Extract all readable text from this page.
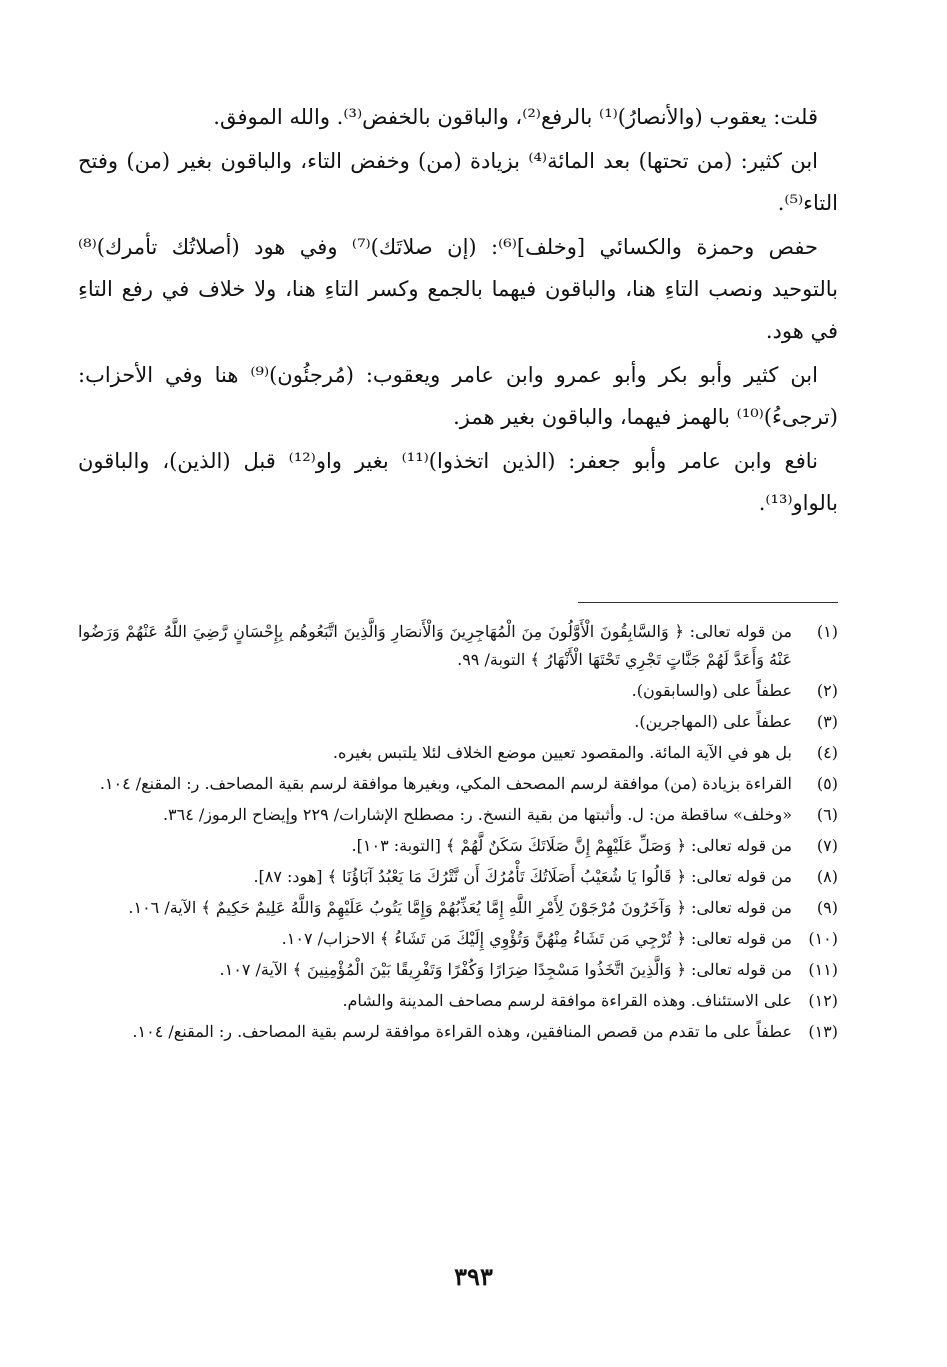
قلت: يعقوب (والأنصارُ)⁽¹⁾ بالرفع⁽²⁾، والباقون بالخفض⁽³⁾. والله الموفق.

ابن كثير: (من تحتها) بعد المائة⁽⁴⁾ بزيادة (من) وخفض التاء، والباقون بغير (من) وفتح التاء⁽⁵⁾.

حفص وحمزة والكسائي [وخلف]⁽⁶⁾: (إن صلاتَك)⁽⁷⁾ وفي هود (أصلاتُك تأمرك)⁽⁸⁾ بالتوحيد ونصب التاءِ هنا، والباقون فيهما بالجمع وكسر التاءِ هنا، ولا خلاف في رفع التاءِ في هود.

ابن كثير وأبو بكر وأبو عمرو وابن عامر ويعقوب: (مُرجئُون)⁽⁹⁾ هنا وفي الأحزاب: (ترجىءُ)⁽¹⁰⁾ بالهمز فيهما، والباقون بغير همز.

نافع وابن عامر وأبو جعفر: (الذين اتخذوا)⁽¹¹⁾ بغير واو⁽¹²⁾ قبل (الذين)، والباقون بالواو⁽¹³⁾.

(١)
من قوله تعالى: ﴿ وَالسَّابِقُونَ الْأَوَّلُونَ مِنَ الْمُهَاجِرِينَ وَالْأَنصَارِ وَالَّذِينَ اتَّبَعُوهُم بِإِحْسَانٍ رَّضِيَ اللَّهُ عَنْهُمْ وَرَضُوا عَنْهُ وَأَعَدَّ لَهُمْ جَنَّاتٍ تَجْرِي تَحْتَهَا الْأَنْهَارُ ﴾ التوبة/ ٩٩.
(٢)
عطفاً على (والسابقون).
(٣)
عطفاً على (المهاجرين).
(٤)
بل هو في الآية المائة. والمقصود تعيين موضع الخلاف لئلا يلتبس بغيره.
(٥)
القراءة بزيادة (من) موافقة لرسم المصحف المكي، وبغيرها موافقة لرسم بقية المصاحف. ر: المقنع/ ١٠٤.
(٦)
«وخلف» ساقطة من: ل. وأثبتها من بقية النسخ. ر: مصطلح الإشارات/ ٢٢٩ وإيضاح الرموز/ ٣٦٤.
(٧)
من قوله تعالى: ﴿ وَصَلِّ عَلَيْهِمْ إِنَّ صَلَاتَكَ سَكَنٌ لَّهُمْ ﴾ [التوبة: ١٠٣].
(٨)
من قوله تعالى: ﴿ قَالُوا يَا شُعَيْبُ أَصَلَاتُكَ تَأْمُرُكَ أَن نَّتْرُكَ مَا يَعْبُدُ آبَاؤُنَا ﴾ [هود: ٨٧].
(٩)
من قوله تعالى: ﴿ وَآخَرُونَ مُرْجَوْنَ لِأَمْرِ اللَّهِ إِمَّا يُعَذِّبُهُمْ وَإِمَّا يَتُوبُ عَلَيْهِمْ وَاللَّهُ عَلِيمٌ حَكِيمٌ ﴾ الآية/ ١٠٦.
(١٠)
من قوله تعالى: ﴿ تُرْجِي مَن تَشَاءُ مِنْهُنَّ وَتُؤْوِي إِلَيْكَ مَن تَشَاءُ ﴾ الاحزاب/ ١٠٧.
(١١)
من قوله تعالى: ﴿ وَالَّذِينَ اتَّخَذُوا مَسْجِدًا ضِرَارًا وَكُفْرًا وَتَفْرِيقًا بَيْنَ الْمُؤْمِنِينَ ﴾ الآية/ ١٠٧.
(١٢)
على الاستئناف. وهذه القراءة موافقة لرسم مصاحف المدينة والشام.
(١٣)
عطفاً على ما تقدم من قصص المنافقين، وهذه القراءة موافقة لرسم بقية المصاحف. ر: المقنع/ ١٠٤.
٣٩٣
